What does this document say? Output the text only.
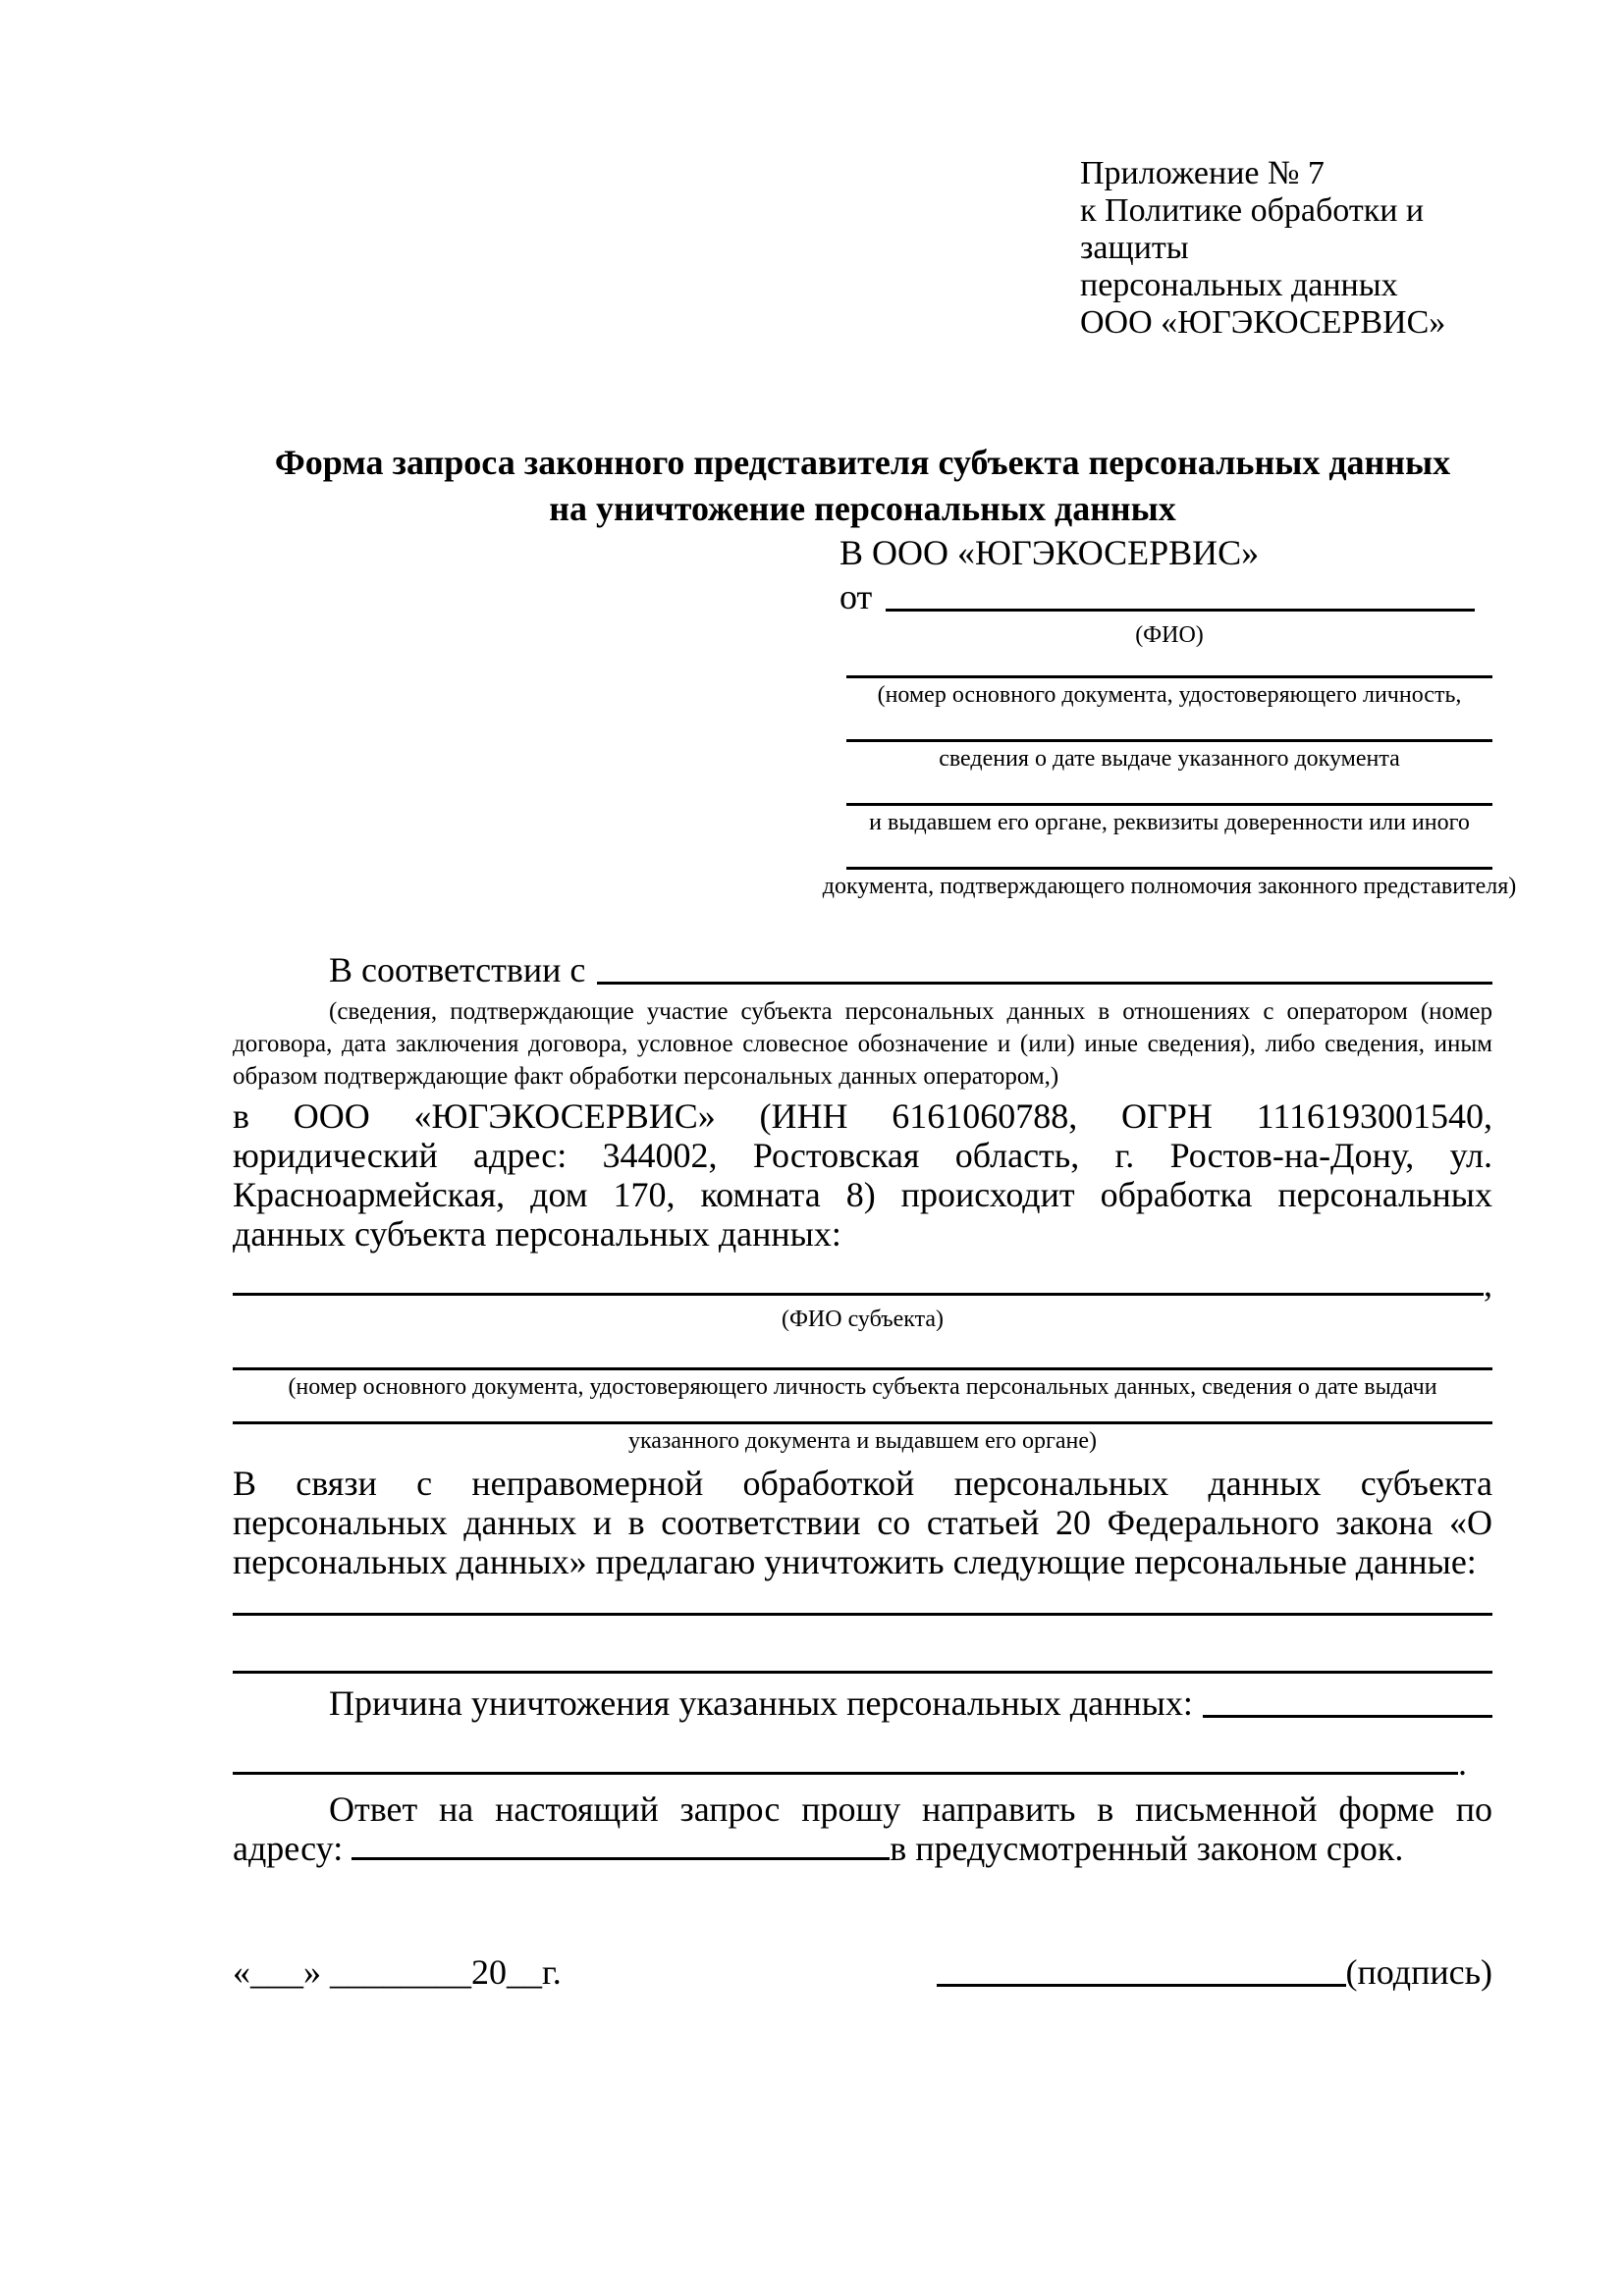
Приложение № 7
к Политике обработки и защиты
персональных данных
ООО «ЮГЭКОСЕРВИС»
Форма запроса законного представителя субъекта персональных данных
на уничтожение персональных данных
В ООО «ЮГЭКОСЕРВИС»
от
(ФИО)
(номер основного документа, удостоверяющего личность,
сведения о дате выдаче указанного документа
и выдавшем его органе, реквизиты доверенности или иного
документа, подтверждающего полномочия законного представителя)
В соответствии с
(сведения, подтверждающие участие субъекта персональных данных в отношениях с оператором (номер договора, дата заключения договора, условное словесное обозначение и (или) иные сведения), либо сведения, иным образом подтверждающие факт обработки персональных данных оператором,)
в ООО «ЮГЭКОСЕРВИС» (ИНН 6161060788, ОГРН 1116193001540, юридический адрес: 344002, Ростовская область, г. Ростов-на-Дону, ул. Красноармейская, дом 170, комната 8) происходит обработка персональных данных субъекта персональных данных:
,
(ФИО субъекта)
(номер основного документа, удостоверяющего личность субъекта персональных данных, сведения о дате выдачи
указанного документа и выдавшем его органе)
В связи с неправомерной обработкой персональных данных субъекта персональных данных и в соответствии со статьей 20 Федерального закона «О персональных данных» предлагаю уничтожить следующие персональные данные:
Причина уничтожения указанных персональных данных:
.
Ответ на настоящий запрос прошу направить в письменной форме по адресу:	в предусмотренный законом срок.
«___» ________20__г.	(подпись)
